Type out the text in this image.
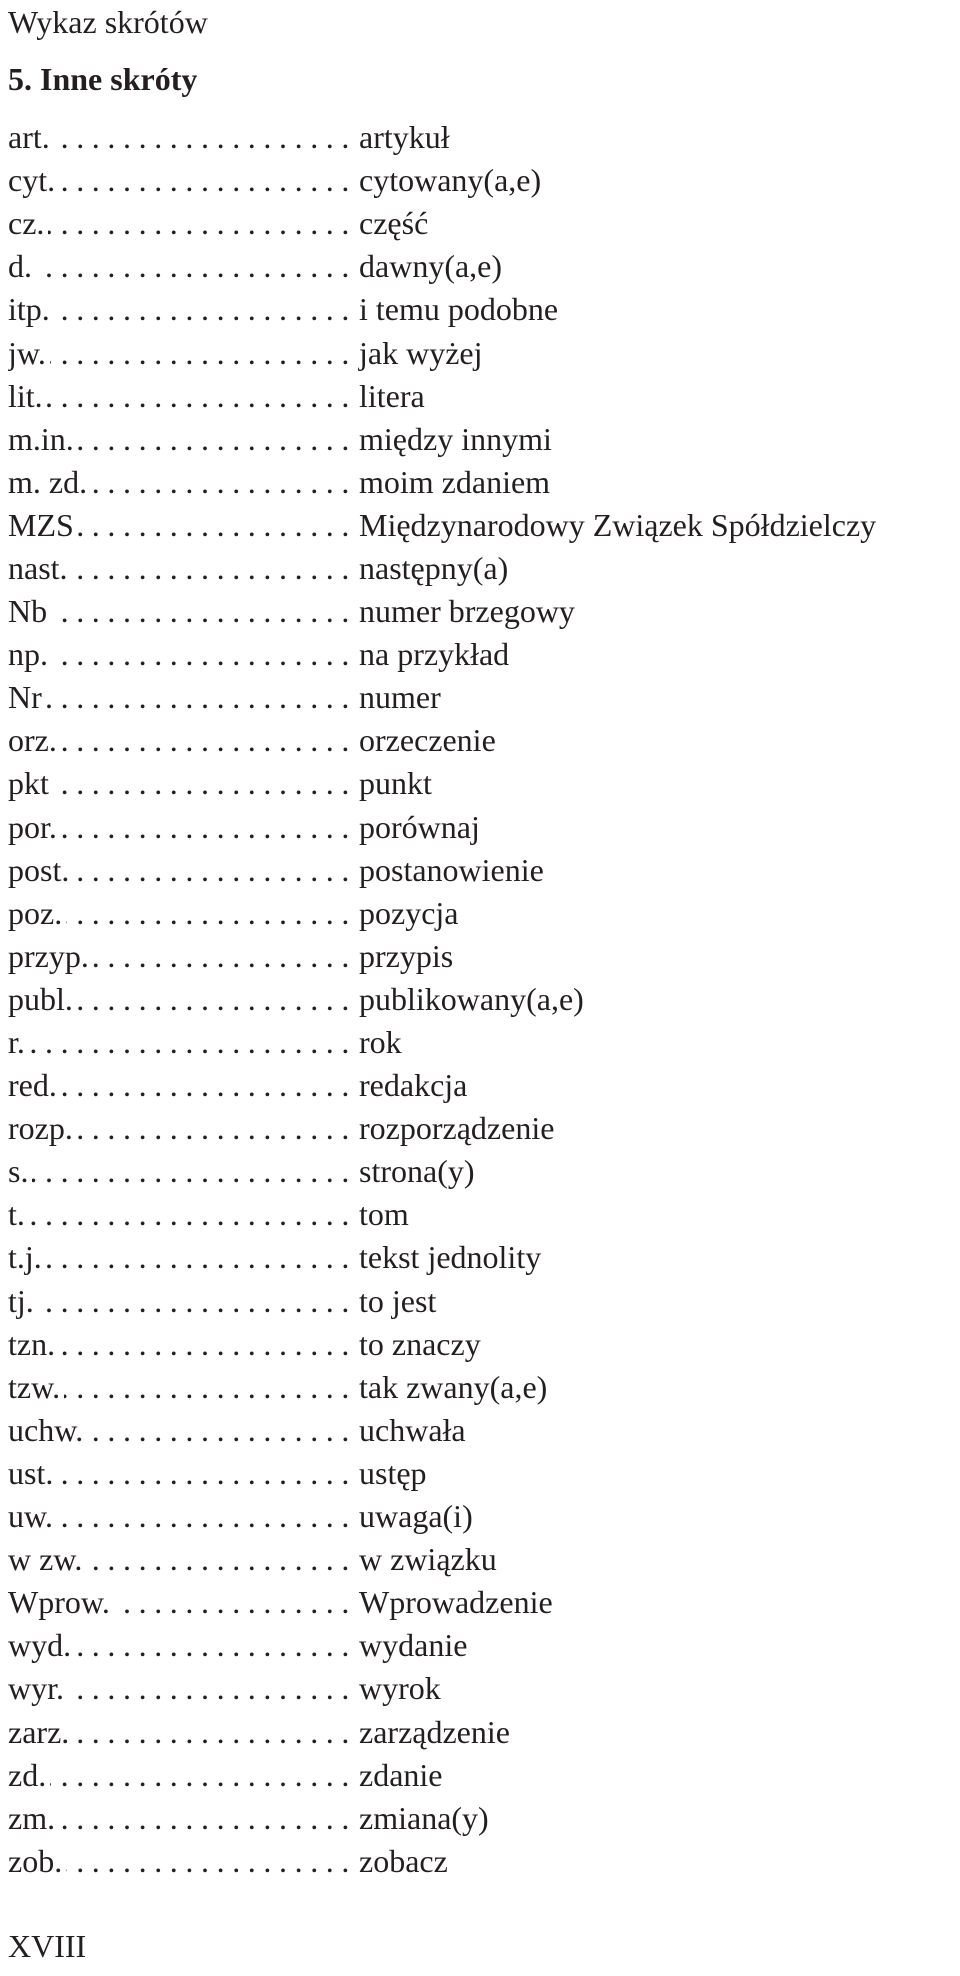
Wykaz skrótów
5. Inne skróty
art. .....	artykuł
cyt. .....	cytowany(a,e)
cz. .....	część
d. .....	dawny(a,e)
itp. .....	i temu podobne
jw. .....	jak wyżej
lit. .....	litera
m.in. .....	między innymi
m. zd. .....	moim zdaniem
MZS .....	Międzynarodowy Związek Spółdzielczy
nast. .....	następny(a)
Nb .....	numer brzegowy
np. .....	na przykład
Nr .....	numer
orz. .....	orzeczenie
pkt .....	punkt
por. .....	porównaj
post. .....	postanowienie
poz. .....	pozycja
przyp. .....	przypis
publ. .....	publikowany(a,e)
r. .....	rok
red. .....	redakcja
rozp. .....	rozporządzenie
s. .....	strona(y)
t. .....	tom
t.j. .....	tekst jednolity
tj. .....	to jest
tzn. .....	to znaczy
tzw. .....	tak zwany(a,e)
uchw. .....	uchwała
ust. .....	ustęp
uw. .....	uwaga(i)
w zw. .....	w związku
Wprow. .....	Wprowadzenie
wyd. .....	wydanie
wyr. .....	wyrok
zarz. .....	zarządzenie
zd. .....	zdanie
zm. .....	zmiana(y)
zob. .....	zobacz
XVIII
